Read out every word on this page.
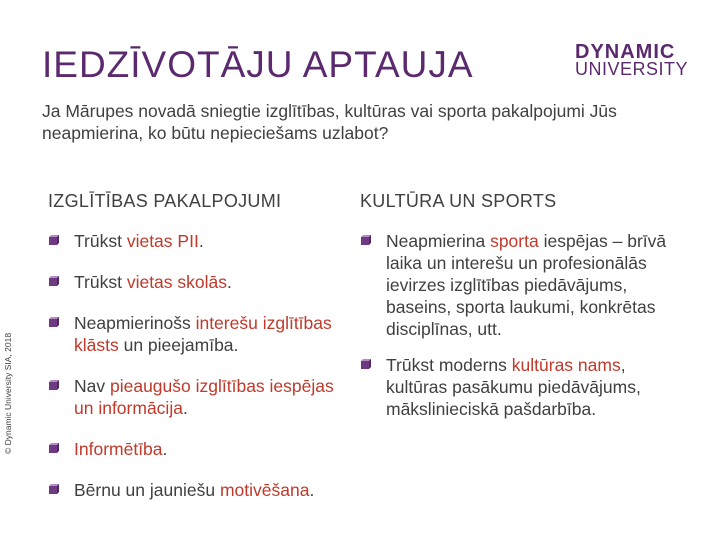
IEDZĪVOTĀJU APTAUJA	DYNAMIC
UNIVERSITY
Ja Mārupes novadā sniegtie izglītības, kultūras vai sporta pakalpojumi Jūs neapmierina, ko būtu nepieciešams uzlabot?
© Dynamic University SIA, 2018
IZGLĪTĪBAS PAKALPOJUMI
Trūkst vietas PII.
Trūkst vietas skolās.
Neapmierinošs interešu izglītības klāsts un pieejamība.
Nav pieaugušo izglītības iespējas un informācija.
Informētība.
Bērnu un jauniešu motivēšana.
KULTŪRA UN SPORTS
Neapmierina sporta iespējas – brīvā laika un interešu un profesionālās ievirzes izglītības piedāvājums, baseins, sporta laukumi, konkrētas disciplīnas, utt.
Trūkst moderns kultūras nams, kultūras pasākumu piedāvājums, mākslinieciskā pašdarbība.
